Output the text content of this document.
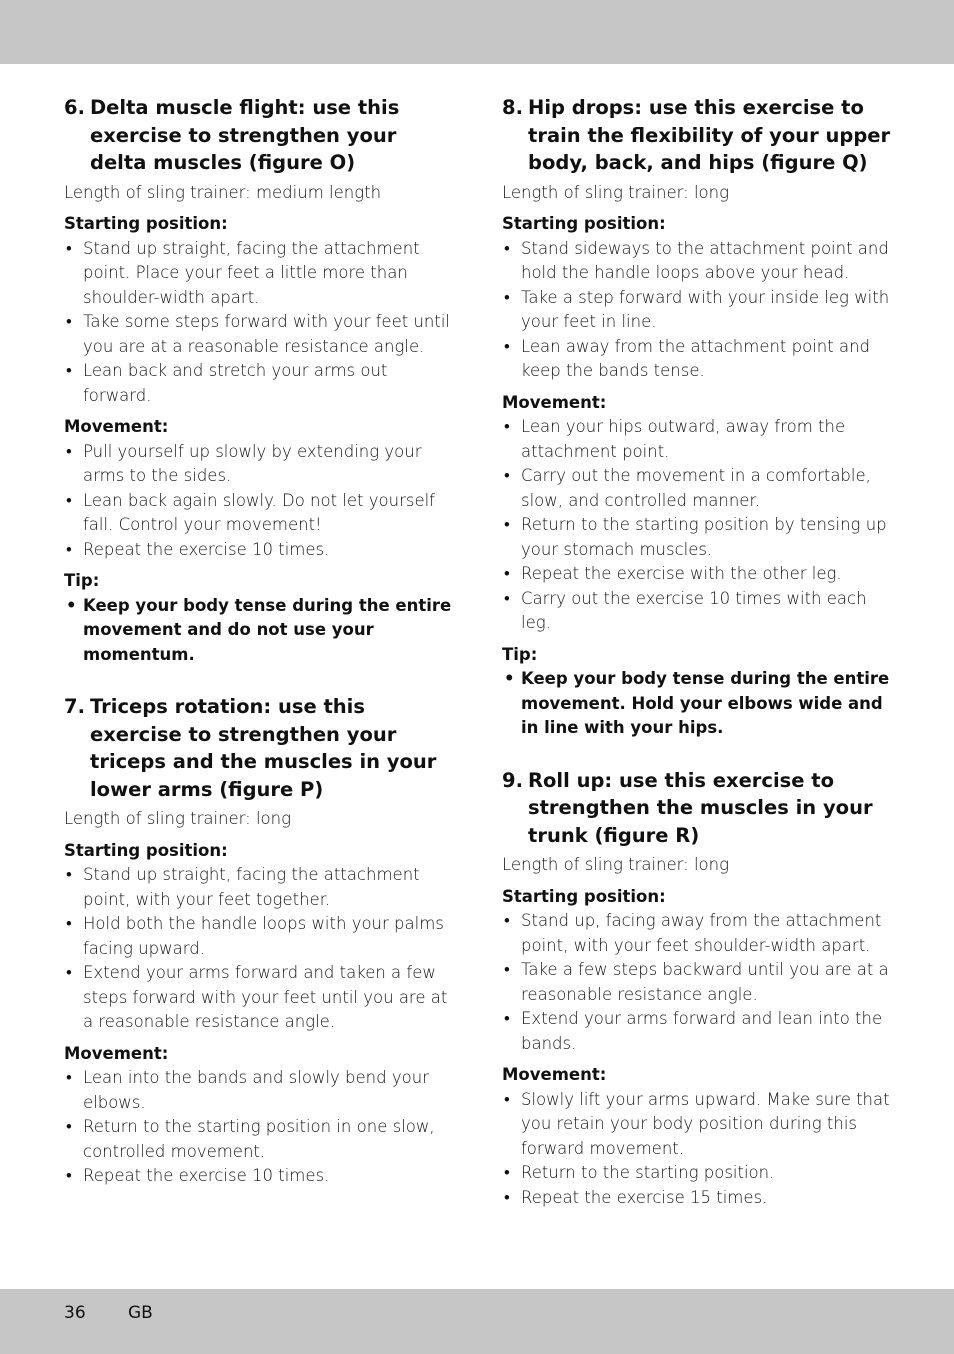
6. Delta muscle flight: use this exercise to strengthen your delta muscles (figure O)

Length of sling trainer: medium length

Starting position:

• Stand up straight, facing the attachment point. Place your feet a little more than shoulder-width apart.
• Take some steps forward with your feet until you are at a reasonable resistance angle.
• Lean back and stretch your arms out forward.

Movement:

• Pull yourself up slowly by extending your arms to the sides.
• Lean back again slowly. Do not let yourself fall. Control your movement!
• Repeat the exercise 10 times.

Tip:

• Keep your body tense during the entire movement and do not use your momentum.
7. Triceps rotation: use this exercise to strengthen your triceps and the muscles in your lower arms (figure P)

Length of sling trainer: long

Starting position:

• Stand up straight, facing the attachment point, with your feet together.
• Hold both the handle loops with your palms facing upward.
• Extend your arms forward and taken a few steps forward with your feet until you are at a reasonable resistance angle.

Movement:

• Lean into the bands and slowly bend your elbows.
• Return to the starting position in one slow, controlled movement.
• Repeat the exercise 10 times.
8. Hip drops: use this exercise to train the flexibility of your upper body, back, and hips (figure Q)

Length of sling trainer: long

Starting position:

• Stand sideways to the attachment point and hold the handle loops above your head.
• Take a step forward with your inside leg with your feet in line.
• Lean away from the attachment point and keep the bands tense.

Movement:

• Lean your hips outward, away from the attachment point.
• Carry out the movement in a comfortable, slow, and controlled manner.
• Return to the starting position by tensing up your stomach muscles.
• Repeat the exercise with the other leg.
• Carry out the exercise 10 times with each leg.

Tip:

• Keep your body tense during the entire movement. Hold your elbows wide and in line with your hips.
9. Roll up: use this exercise to strengthen the muscles in your trunk (figure R)

Length of sling trainer: long

Starting position:

• Stand up, facing away from the attachment point, with your feet shoulder-width apart.
• Take a few steps backward until you are at a reasonable resistance angle.
• Extend your arms forward and lean into the bands.

Movement:

• Slowly lift your arms upward. Make sure that you retain your body position during this forward movement.
• Return to the starting position.
• Repeat the exercise 15 times.
36 GB
